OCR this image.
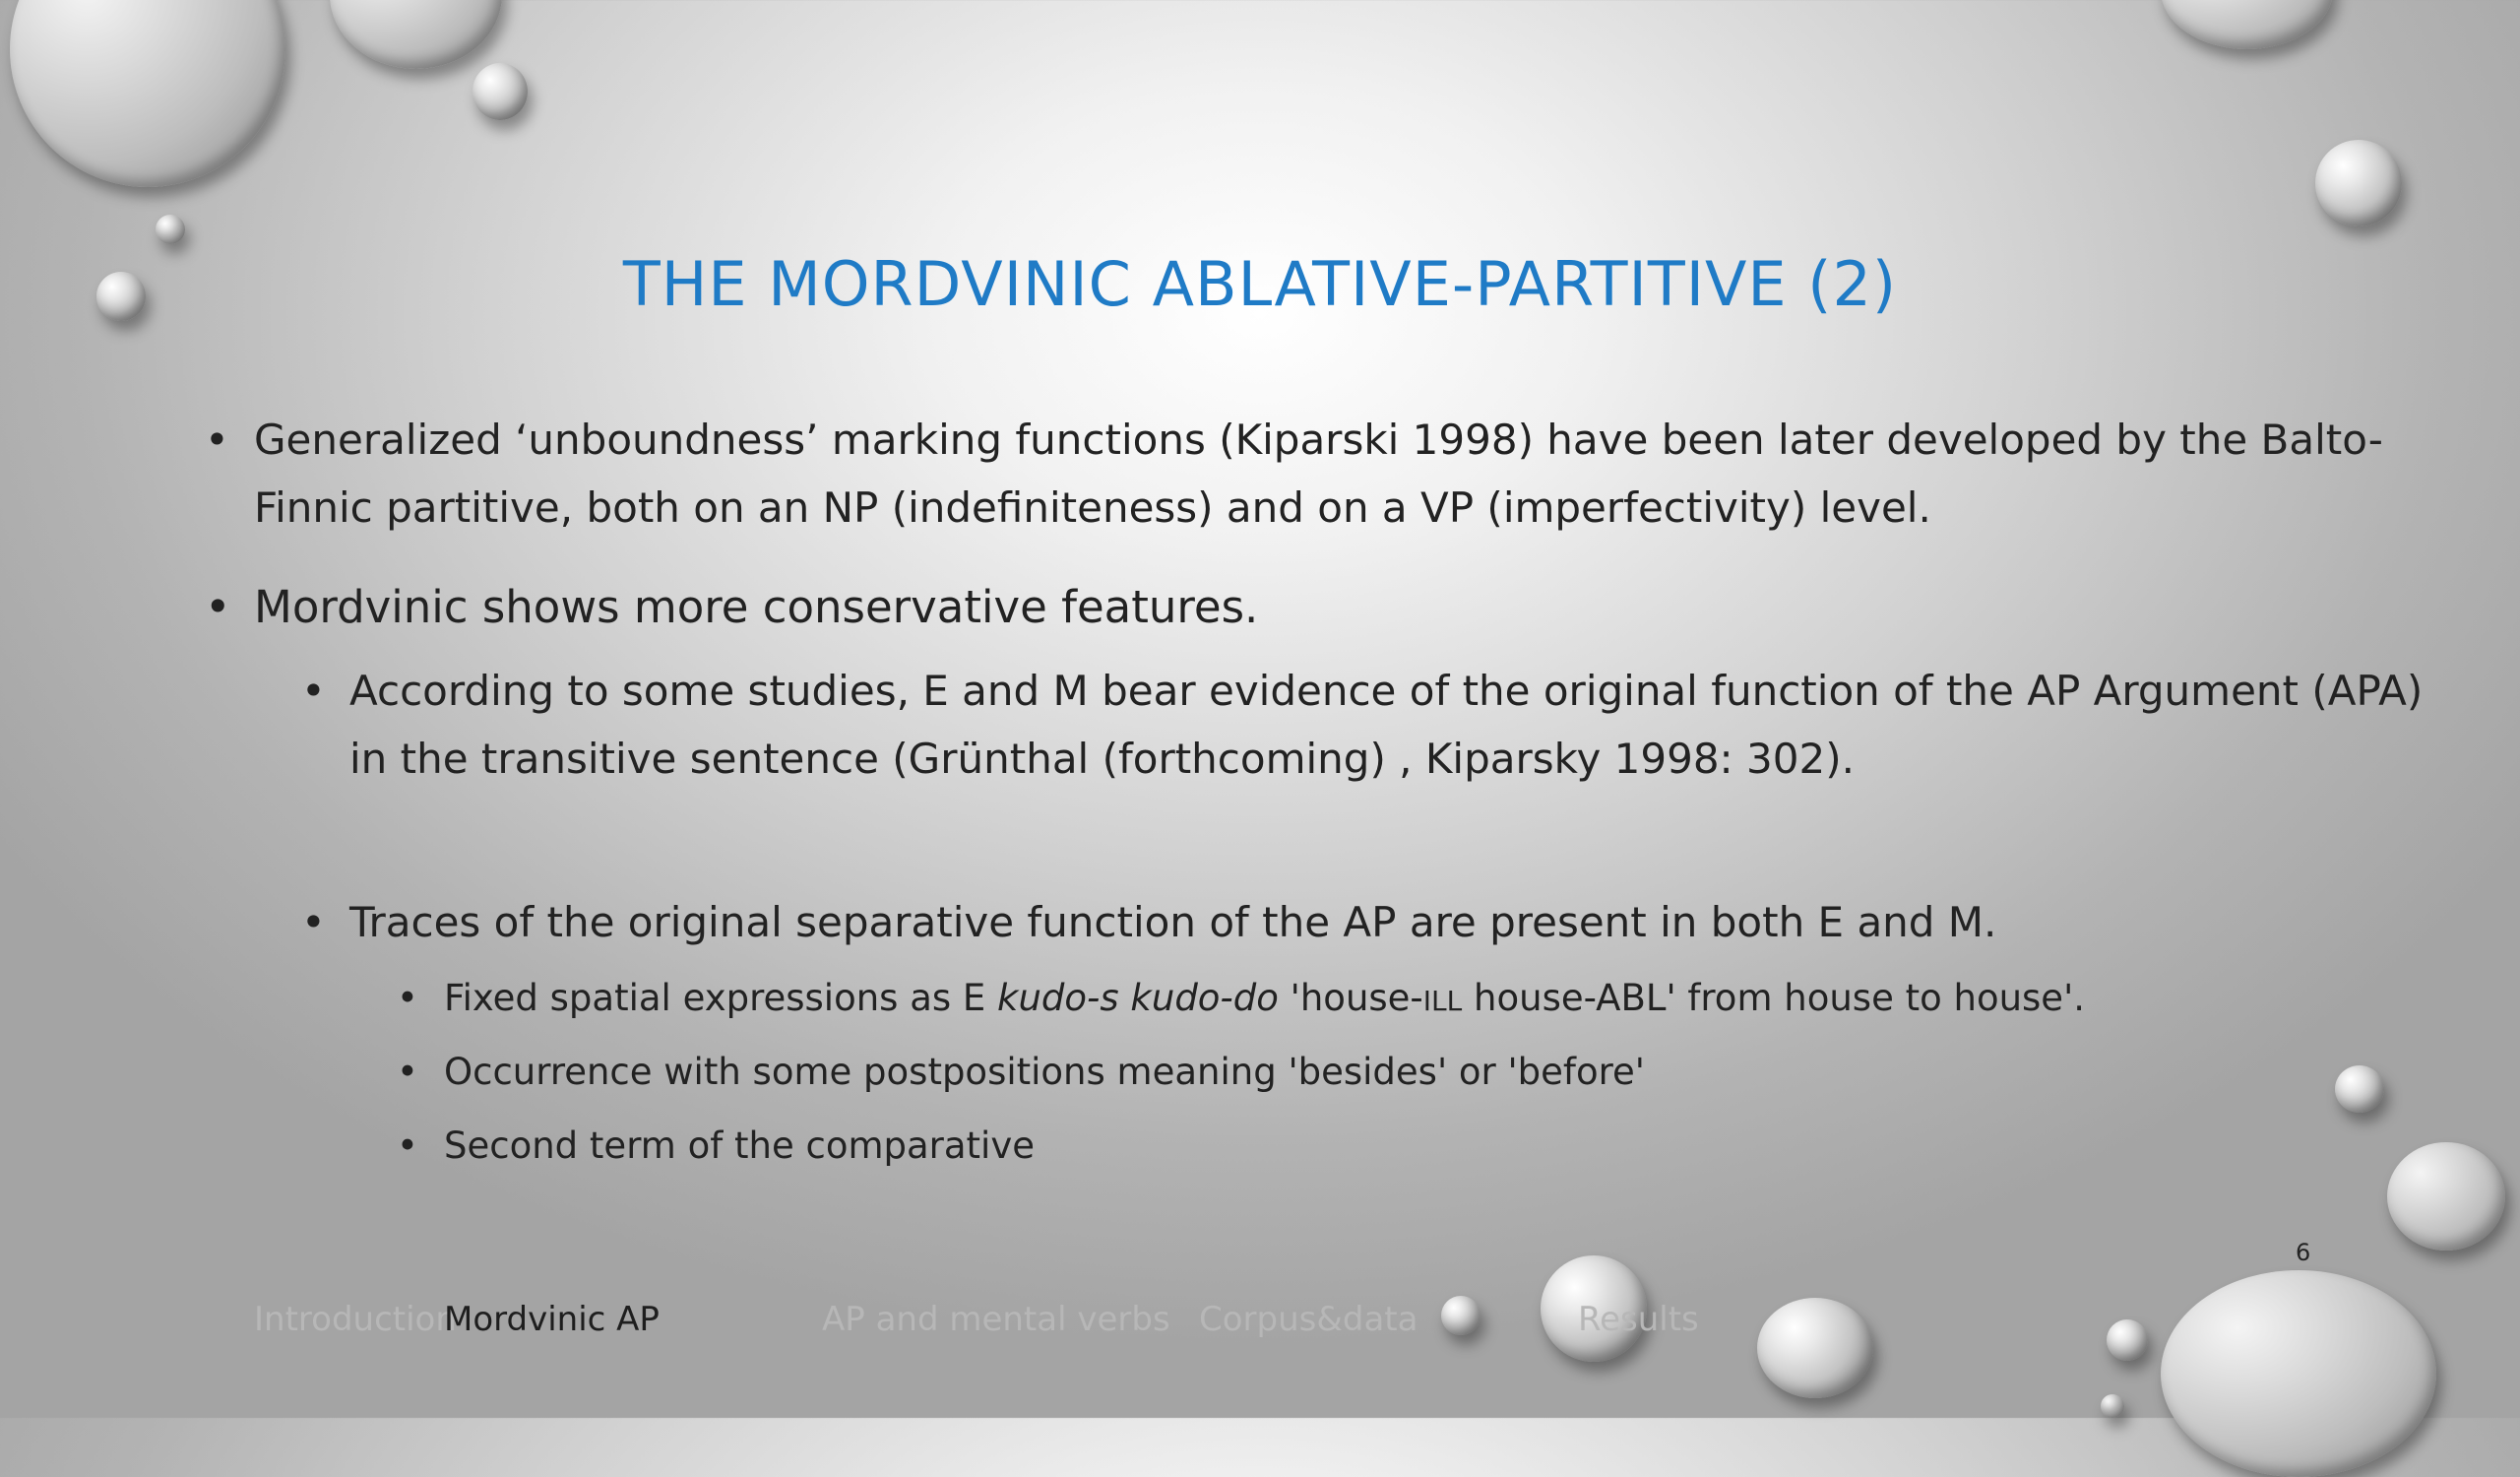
THE MORDVINIC ABLATIVE-PARTITIVE (2)
• Generalized ‘unboundness’ marking functions (Kiparski 1998) have been later developed by the Balto-
Finnic partitive, both on an NP (indefiniteness) and on a VP (imperfectivity) level.
• Mordvinic shows more conservative features.
• According to some studies, E and M bear evidence of the original function of the AP Argument (APA)
in the transitive sentence (Grünthal (forthcoming) , Kiparsky 1998: 302).
• Traces of the original separative function of the AP are present in both E and M.
• Fixed spatial expressions as E kudo-s kudo-do 'house-ILL house-ABL' from house to house'.
• Occurrence with some postpositions meaning 'besides' or 'before'
• Second term of the comparative
6
Introduction
Mordvinic AP	AP and mental verbs Corpus&data	Results
